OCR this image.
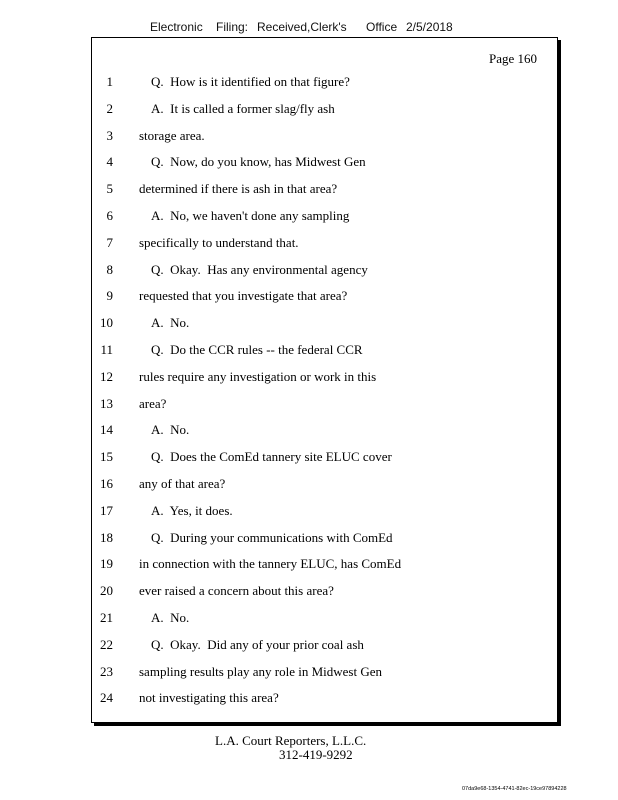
Electronic Filing: Received,Clerk's Office 2/5/2018
Page 160
1	Q.  How is it identified on that figure?
2	A.  It is called a former slag/fly ash
3 storage area.
4	Q.  Now, do you know, has Midwest Gen
5 determined if there is ash in that area?
6	A.  No, we haven't done any sampling
7 specifically to understand that.
8	Q.  Okay.  Has any environmental agency
9 requested that you investigate that area?
10	A.  No.
11	Q.  Do the CCR rules -- the federal CCR
12 rules require any investigation or work in this
13 area?
14	A.  No.
15	Q.  Does the ComEd tannery site ELUC cover
16 any of that area?
17	A.  Yes, it does.
18	Q.  During your communications with ComEd
19 in connection with the tannery ELUC, has ComEd
20 ever raised a concern about this area?
21	A.  No.
22	Q.  Okay.  Did any of your prior coal ash
23 sampling results play any role in Midwest Gen
24 not investigating this area?
L.A. Court Reporters, L.L.C.
312-419-9292
07da9e68-1354-4741-82ec-19ce97894228
